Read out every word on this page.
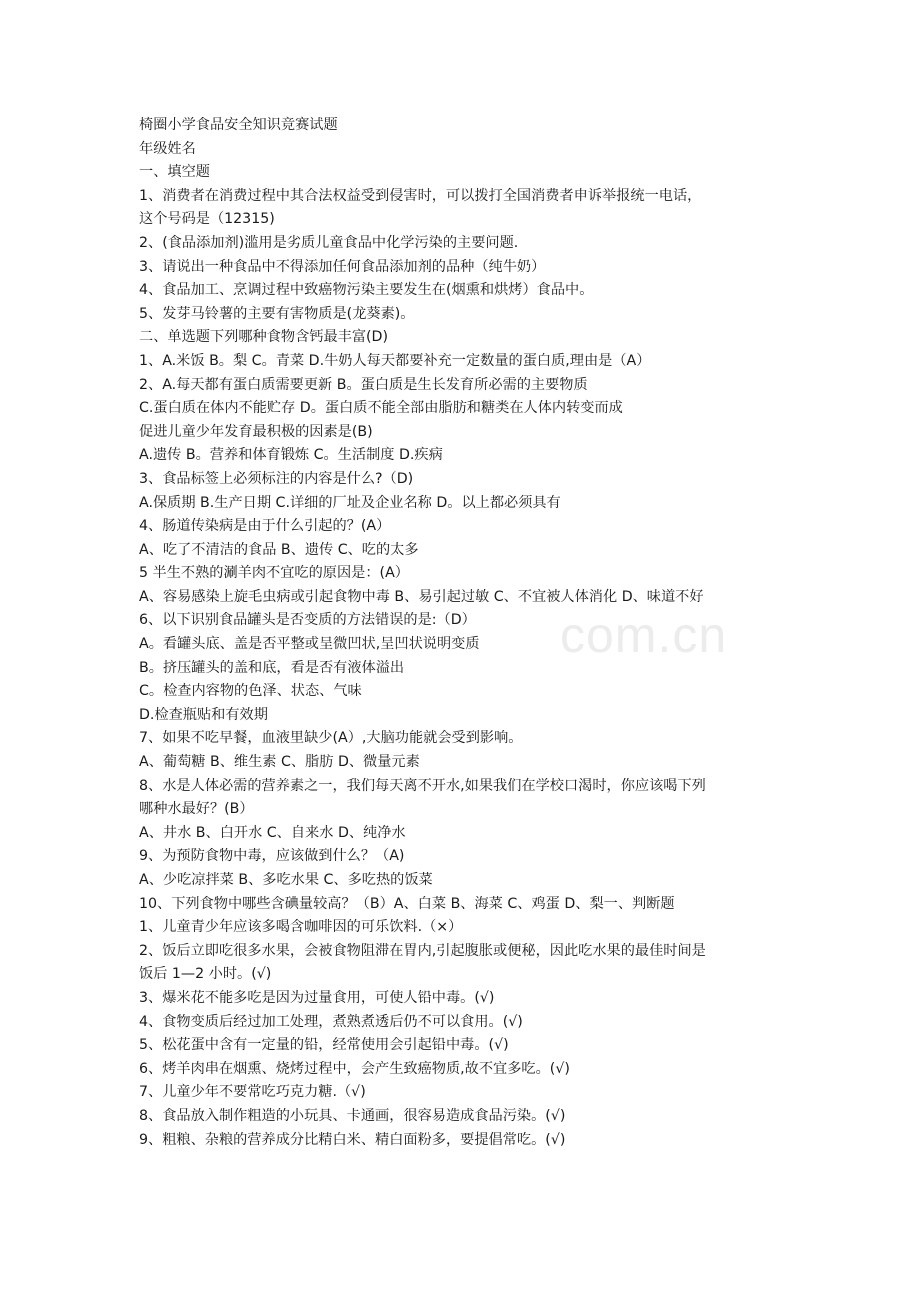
com.cn
椅圈小学食品安全知识竞赛试题
年级姓名
一、填空题
1、消费者在消费过程中其合法权益受到侵害时，可以拨打全国消费者申诉举报统一电话，
这个号码是（12315)
2、(食品添加剂)滥用是劣质儿童食品中化学污染的主要问题.
3、请说出一种食品中不得添加任何食品添加剂的品种（纯牛奶）
4、食品加工、烹调过程中致癌物污染主要发生在(烟熏和烘烤）食品中。
5、发芽马铃薯的主要有害物质是(龙葵素)。
二、单选题下列哪种食物含钙最丰富(D)
1、A.米饭 B。梨 C。青菜 D.牛奶人每天都要补充一定数量的蛋白质,理由是（A）
2、A.每天都有蛋白质需要更新 B。蛋白质是生长发育所必需的主要物质
C.蛋白质在体内不能贮存 D。蛋白质不能全部由脂肪和糖类在人体内转变而成
促进儿童少年发育最积极的因素是(B)
A.遗传 B。营养和体育锻炼 C。生活制度 D.疾病
3、食品标签上必须标注的内容是什么?（D)
A.保质期 B.生产日期 C.详细的厂址及企业名称 D。以上都必须具有
4、肠道传染病是由于什么引起的？(A）
A、吃了不清洁的食品 B、遗传 C、吃的太多
5 半生不熟的涮羊肉不宜吃的原因是：(A）
A、容易感染上旋毛虫病或引起食物中毒 B、易引起过敏 C、不宜被人体消化 D、味道不好
6、以下识别食品罐头是否变质的方法错误的是:（D）
A。看罐头底、盖是否平整或呈微凹状,呈凹状说明变质
B。挤压罐头的盖和底，看是否有液体溢出
C。检查内容物的色泽、状态、气味
D.检查瓶贴和有效期
7、如果不吃早餐，血液里缺少(A）,大脑功能就会受到影响。
A、葡萄糖 B、维生素 C、脂肪 D、微量元素
8、水是人体必需的营养素之一，我们每天离不开水,如果我们在学校口渴时，你应该喝下列
哪种水最好？(B）
A、井水 B、白开水 C、自来水 D、纯净水
9、为预防食物中毒，应该做到什么？（A)
A、少吃凉拌菜 B、多吃水果 C、多吃热的饭菜
10、下列食物中哪些含碘量较高？（B）A、白菜 B、海菜 C、鸡蛋 D、梨一、判断题
1、儿童青少年应该多喝含咖啡因的可乐饮料.（×）
2、饭后立即吃很多水果，会被食物阻滞在胃内,引起腹胀或便秘，因此吃水果的最佳时间是
饭后 1—2 小时。(√)
3、爆米花不能多吃是因为过量食用，可使人铅中毒。(√)
4、食物变质后经过加工处理，煮熟煮透后仍不可以食用。(√)
5、松花蛋中含有一定量的铅，经常使用会引起铅中毒。(√)
6、烤羊肉串在烟熏、烧烤过程中，会产生致癌物质,故不宜多吃。(√)
7、儿童少年不要常吃巧克力糖.（√)
8、食品放入制作粗造的小玩具、卡通画，很容易造成食品污染。(√)
9、粗粮、杂粮的营养成分比精白米、精白面粉多，要提倡常吃。(√)
